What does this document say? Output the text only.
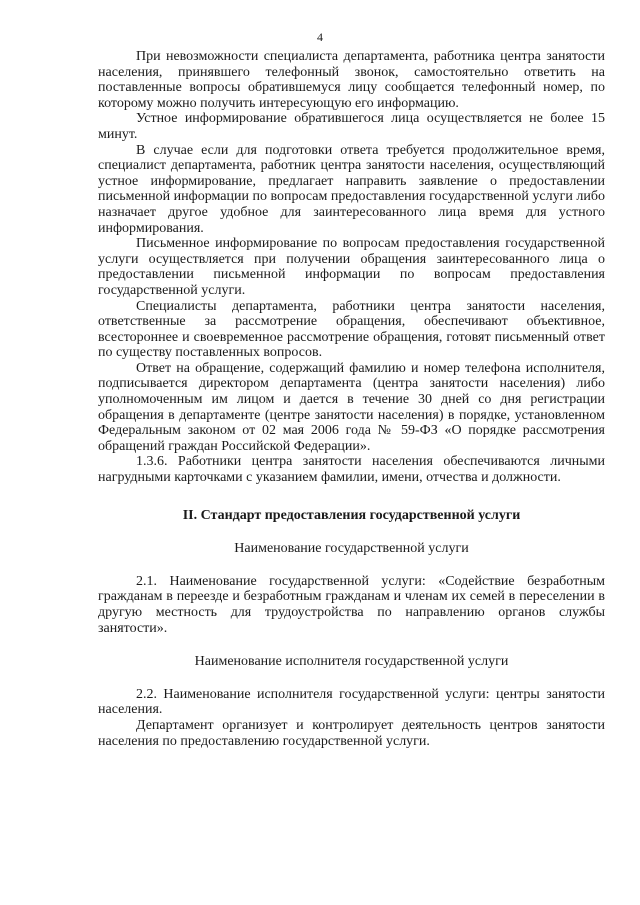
4

При невозможности специалиста департамента, работника центра занятости населения, принявшего телефонный звонок, самостоятельно ответить на поставленные вопросы обратившемуся лицу сообщается телефонный номер, по которому можно получить интересующую его информацию.

Устное информирование обратившегося лица осуществляется не более 15 минут.

В случае если для подготовки ответа требуется продолжительное время, специалист департамента, работник центра занятости населения, осуществляющий устное информирование, предлагает направить заявление о предоставлении письменной информации по вопросам предоставления государственной услуги либо назначает другое удобное для заинтересованного лица время для устного информирования.

Письменное информирование по вопросам предоставления государственной услуги осуществляется при получении обращения заинтересованного лица о предоставлении письменной информации по вопросам предоставления государственной услуги.

Специалисты департамента, работники центра занятости населения, ответственные за рассмотрение обращения, обеспечивают объективное, всестороннее и своевременное рассмотрение обращения, готовят письменный ответ по существу поставленных вопросов.

Ответ на обращение, содержащий фамилию и номер телефона исполнителя, подписывается директором департамента (центра занятости населения) либо уполномоченным им лицом и дается в течение 30 дней со дня регистрации обращения в департаменте (центре занятости населения) в порядке, установленном Федеральным законом от 02 мая 2006 года № 59-ФЗ «О порядке рассмотрения обращений граждан Российской Федерации».

1.3.6. Работники центра занятости населения обеспечиваются личными нагрудными карточками с указанием фамилии, имени, отчества и должности.

II. Стандарт предоставления государственной услуги

Наименование государственной услуги

2.1. Наименование государственной услуги: «Содействие безработным гражданам в переезде и безработным гражданам и членам их семей в переселении в другую местность для трудоустройства по направлению органов службы занятости».

Наименование исполнителя государственной услуги

2.2. Наименование исполнителя государственной услуги: центры занятости населения.

Департамент организует и контролирует деятельность центров занятости населения по предоставлению государственной услуги.
